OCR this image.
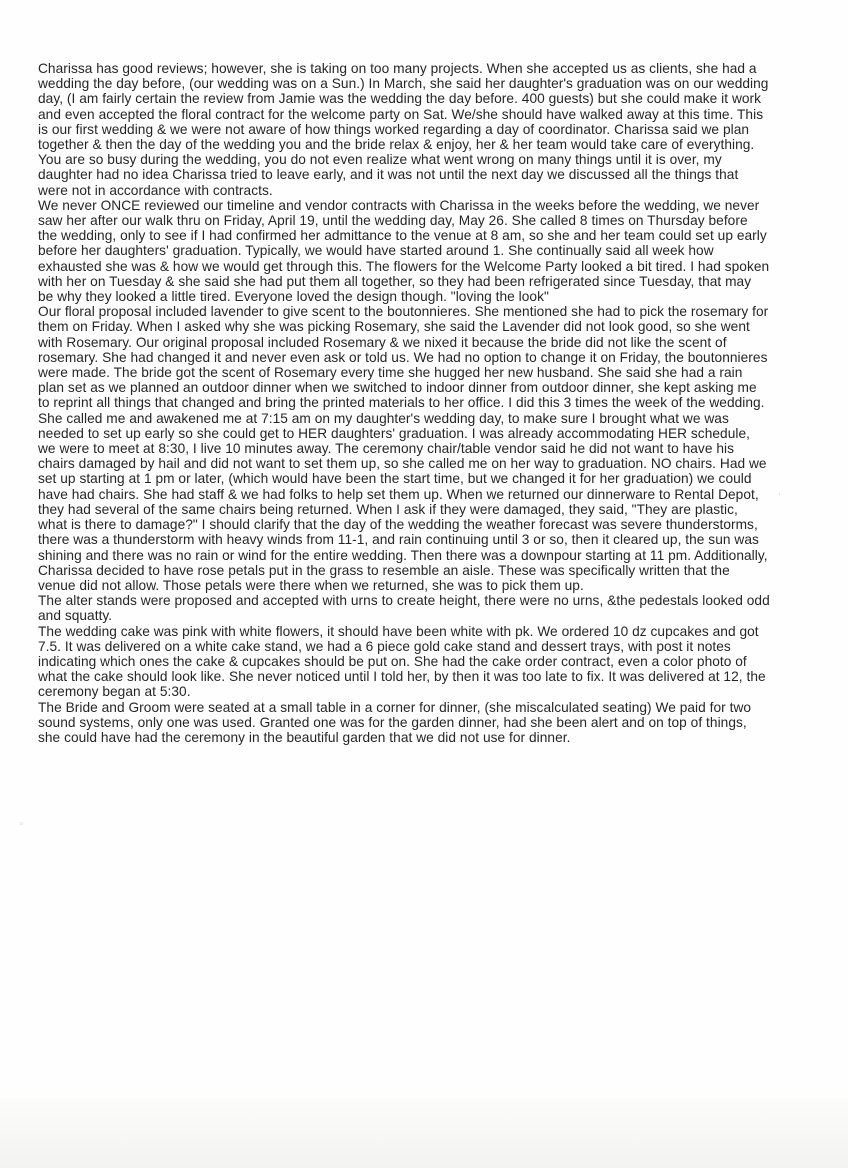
Charissa has good reviews; however, she is taking on too many projects. When she accepted us as clients, she had a wedding the day before, (our wedding was on a Sun.) In March, she said her daughter's graduation was on our wedding day, (I am fairly certain the review from Jamie was the wedding the day before. 400 guests) but she could make it work and even accepted the floral contract for the welcome party on Sat. We/she should have walked away at this time. This is our first wedding & we were not aware of how things worked regarding a day of coordinator. Charissa said we plan together & then the day of the wedding you and the bride relax & enjoy, her & her team would take care of everything. You are so busy during the wedding, you do not even realize what went wrong on many things until it is over, my daughter had no idea Charissa tried to leave early, and it was not until the next day we discussed all the things that were not in accordance with contracts.

We never ONCE reviewed our timeline and vendor contracts with Charissa in the weeks before the wedding, we never saw her after our walk thru on Friday, April 19, until the wedding day, May 26. She called 8 times on Thursday before the wedding, only to see if I had confirmed her admittance to the venue at 8 am, so she and her team could set up early before her daughters' graduation. Typically, we would have started around 1. She continually said all week how exhausted she was & how we would get through this. The flowers for the Welcome Party looked a bit tired. I had spoken with her on Tuesday & she said she had put them all together, so they had been refrigerated since Tuesday, that may be why they looked a little tired. Everyone loved the design though. "loving the look"

Our floral proposal included lavender to give scent to the boutonnieres. She mentioned she had to pick the rosemary for them on Friday. When I asked why she was picking Rosemary, she said the Lavender did not look good, so she went with Rosemary. Our original proposal included Rosemary & we nixed it because the bride did not like the scent of rosemary. She had changed it and never even ask or told us. We had no option to change it on Friday, the boutonnieres were made. The bride got the scent of Rosemary every time she hugged her new husband. She said she had a rain plan set as we planned an outdoor dinner when we switched to indoor dinner from outdoor dinner, she kept asking me to reprint all things that changed and bring the printed materials to her office. I did this 3 times the week of the wedding.

She called me and awakened me at 7:15 am on my daughter's wedding day, to make sure I brought what we was needed to set up early so she could get to HER daughters' graduation. I was already accommodating HER schedule, we were to meet at 8:30, I live 10 minutes away. The ceremony chair/table vendor said he did not want to have his chairs damaged by hail and did not want to set them up, so she called me on her way to graduation. NO chairs. Had we set up starting at 1 pm or later, (which would have been the start time, but we changed it for her graduation) we could have had chairs. She had staff & we had folks to help set them up. When we returned our dinnerware to Rental Depot, they had several of the same chairs being returned. When I ask if they were damaged, they said, "They are plastic, what is there to damage?" I should clarify that the day of the wedding the weather forecast was severe thunderstorms, there was a thunderstorm with heavy winds from 11-1, and rain continuing until 3 or so, then it cleared up, the sun was shining and there was no rain or wind for the entire wedding. Then there was a downpour starting at 11 pm. Additionally, Charissa decided to have rose petals put in the grass to resemble an aisle. These was specifically written that the venue did not allow. Those petals were there when we returned, she was to pick them up.

The alter stands were proposed and accepted with urns to create height, there were no urns, &the pedestals looked odd and squatty.

The wedding cake was pink with white flowers, it should have been white with pk. We ordered 10 dz cupcakes and got 7.5. It was delivered on a white cake stand, we had a 6 piece gold cake stand and dessert trays, with post it notes indicating which ones the cake & cupcakes should be put on. She had the cake order contract, even a color photo of what the cake should look like. She never noticed until I told her, by then it was too late to fix. It was delivered at 12, the ceremony began at 5:30.

The Bride and Groom were seated at a small table in a corner for dinner, (she miscalculated seating) We paid for two sound systems, only one was used. Granted one was for the garden dinner, had she been alert and on top of things, she could have had the ceremony in the beautiful garden that we did not use for dinner.

◦
·
